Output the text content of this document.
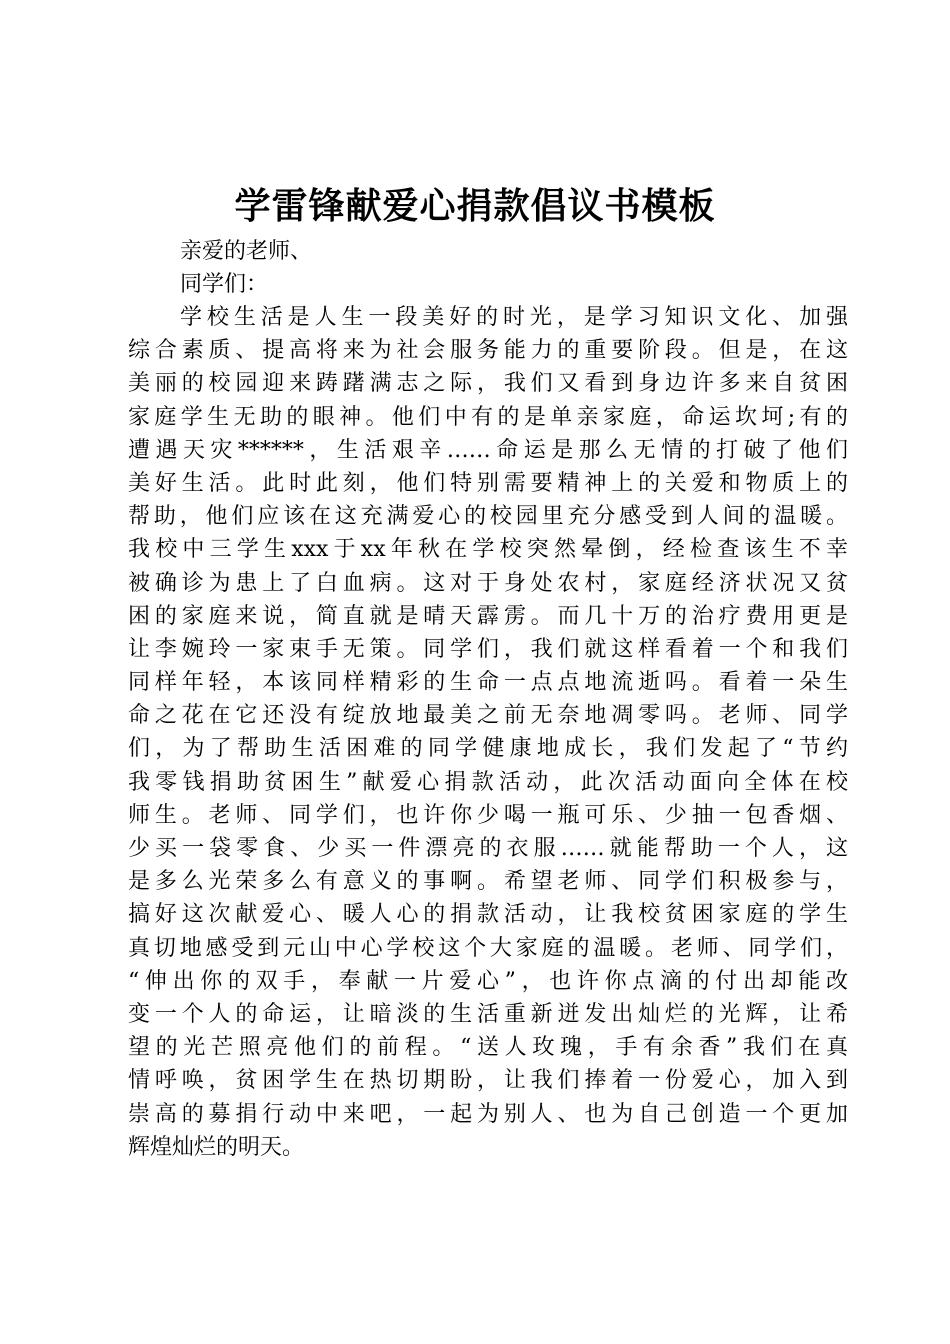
学雷锋献爱心捐款倡议书模板

亲爱的老师、

同学们：

学校生活是人生一段美好的时光，是学习知识文化、加强
综合素质、提高将来为社会服务能力的重要阶段。但是，在这
美丽的校园迎来踌躇满志之际，我们又看到身边许多来自贫困
家庭学生无助的眼神。他们中有的是单亲家庭，命运坎坷;有的
遭遇天灾******，生活艰辛……命运是那么无情的打破了他们
美好生活。此时此刻，他们特别需要精神上的关爱和物质上的
帮助，他们应该在这充满爱心的校园里充分感受到人间的温暖。
我校中三学生xxx于xx年秋在学校突然晕倒，经检查该生不幸
被确诊为患上了白血病。这对于身处农村，家庭经济状况又贫
困的家庭来说，简直就是晴天霹雳。而几十万的治疗费用更是
让李婉玲一家束手无策。同学们，我们就这样看着一个和我们
同样年轻，本该同样精彩的生命一点点地流逝吗。看着一朵生
命之花在它还没有绽放地最美之前无奈地凋零吗。老师、同学
们，为了帮助生活困难的同学健康地成长，我们发起了“节约
我零钱捐助贫困生”献爱心捐款活动，此次活动面向全体在校
师生。老师、同学们，也许你少喝一瓶可乐、少抽一包香烟、
少买一袋零食、少买一件漂亮的衣服……就能帮助一个人，这
是多么光荣多么有意义的事啊。希望老师、同学们积极参与，
搞好这次献爱心、暖人心的捐款活动，让我校贫困家庭的学生
真切地感受到元山中心学校这个大家庭的温暖。老师、同学们，
“伸出你的双手，奉献一片爱心”，也许你点滴的付出却能改
变一个人的命运，让暗淡的生活重新迸发出灿烂的光辉，让希
望的光芒照亮他们的前程。“送人玫瑰，手有余香”我们在真
情呼唤，贫困学生在热切期盼，让我们捧着一份爱心，加入到
崇高的募捐行动中来吧，一起为别人、也为自己创造一个更加
辉煌灿烂的明天。
